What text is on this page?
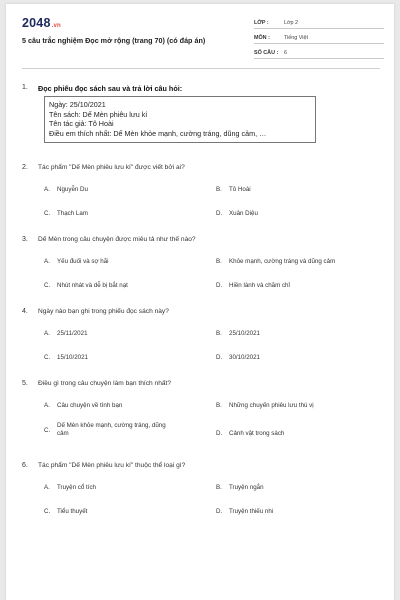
2048.vn
5 câu trắc nghiệm Đọc mở rộng (trang 70) (có đáp án)
LỚP :	Lớp 2
MÔN :	Tiếng Việt
SỐ CÂU :	6
1. Đọc phiếu đọc sách sau và trả lời câu hỏi:
Ngày: 25/10/2021
Tên sách: Dế Mèn phiêu lưu kí
Tên tác giả: Tô Hoài
Điều em thích nhất: Dế Mèn khỏe mạnh, cường tráng, dũng cảm, …
2. Tác phẩm "Dế Mèn phiêu lưu kí" được viết bởi ai?
A.	Nguyễn Du	B.	Tô Hoài
C.	Thạch Lam	D.	Xuân Diệu
3. Dế Mèn trong câu chuyện được miêu tả như thế nào?
A.	Yếu đuối và sợ hãi	B.	Khỏe mạnh, cường tráng và dũng cảm
C.	Nhút nhát và dễ bị bắt nạt	D.	Hiền lành và chăm chỉ
4. Ngày nào bạn ghi trong phiếu đọc sách này?
A.	25/11/2021	B.	25/10/2021
C.	15/10/2021	D.	30/10/2021
5. Điều gì trong câu chuyện làm bạn thích nhất?
A.	Câu chuyện về tình bạn	B.	Những chuyến phiêu lưu thú vị
C.
Dế Mèn khỏe mạnh, cường tráng, dũng cảm	D.	Cảnh vật trong sách
6. Tác phẩm "Dế Mèn phiêu lưu kí" thuộc thể loại gì?
A.	Truyện cổ tích	B.	Truyện ngắn
C.	Tiểu thuyết	D.	Truyện thiếu nhi
